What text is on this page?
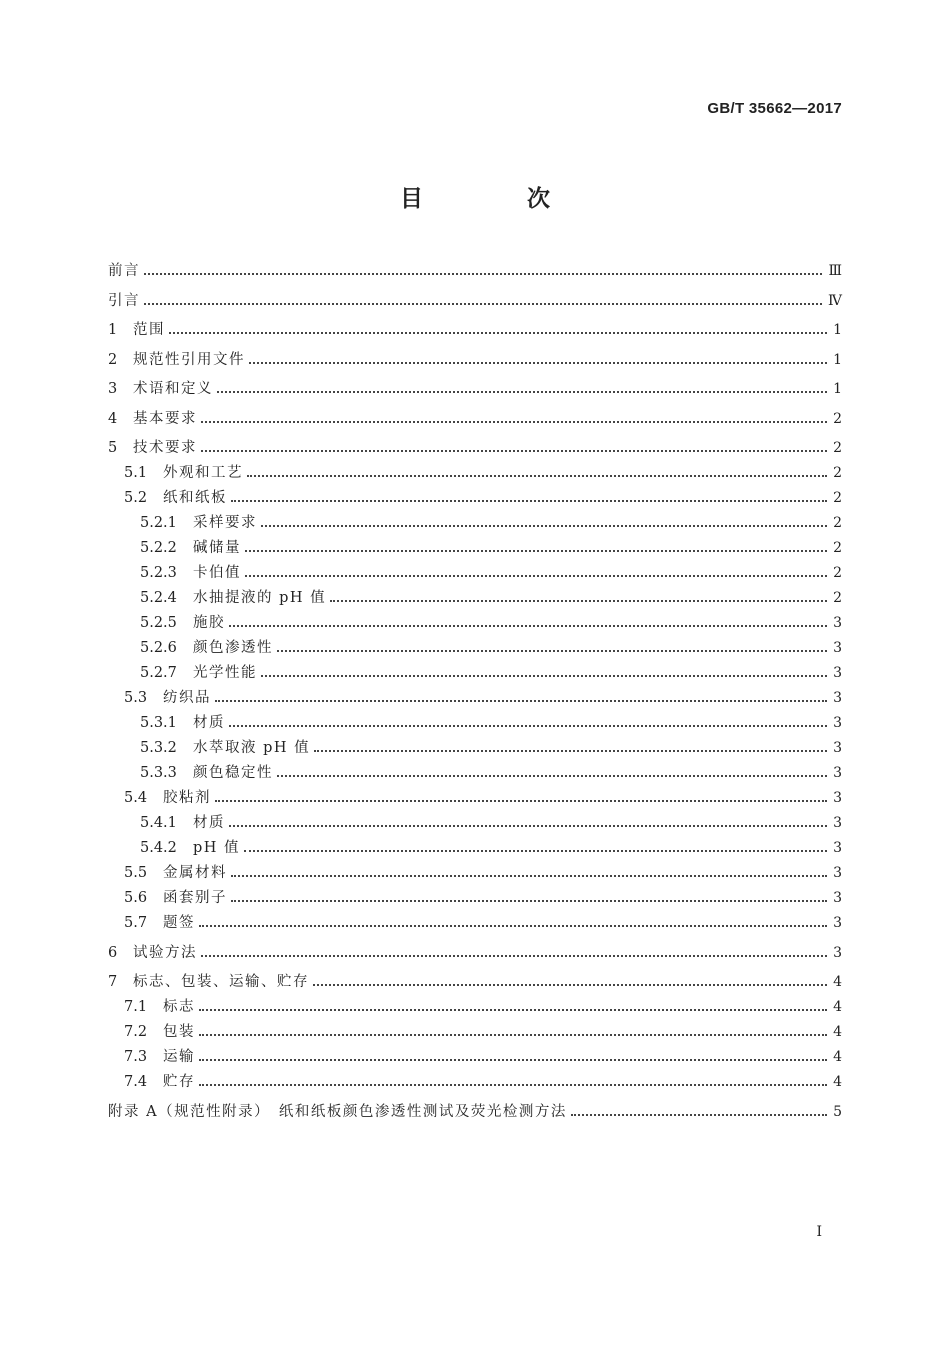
GB/T 35662—2017
目 次
前言	Ⅲ
引言	Ⅳ
1	范围	1
2	规范性引用文件	1
3	术语和定义	1
4	基本要求	2
5	技术要求	2
5.1	外观和工艺	2
5.2	纸和纸板	2
5.2.1	采样要求	2
5.2.2	碱储量	2
5.2.3	卡伯值	2
5.2.4	水抽提液的 pH 值	2
5.2.5	施胶	3
5.2.6	颜色渗透性	3
5.2.7	光学性能	3
5.3	纺织品	3
5.3.1	材质	3
5.3.2	水萃取液 pH 值	3
5.3.3	颜色稳定性	3
5.4	胶粘剂	3
5.4.1	材质	3
5.4.2	pH 值	3
5.5	金属材料	3
5.6	函套别子	3
5.7	题签	3
6	试验方法	3
7	标志、包装、运输、贮存	4
7.1	标志	4
7.2	包装	4
7.3	运输	4
7.4	贮存	4
附录 A（规范性附录）　纸和纸板颜色渗透性测试及荧光检测方法	5
I
